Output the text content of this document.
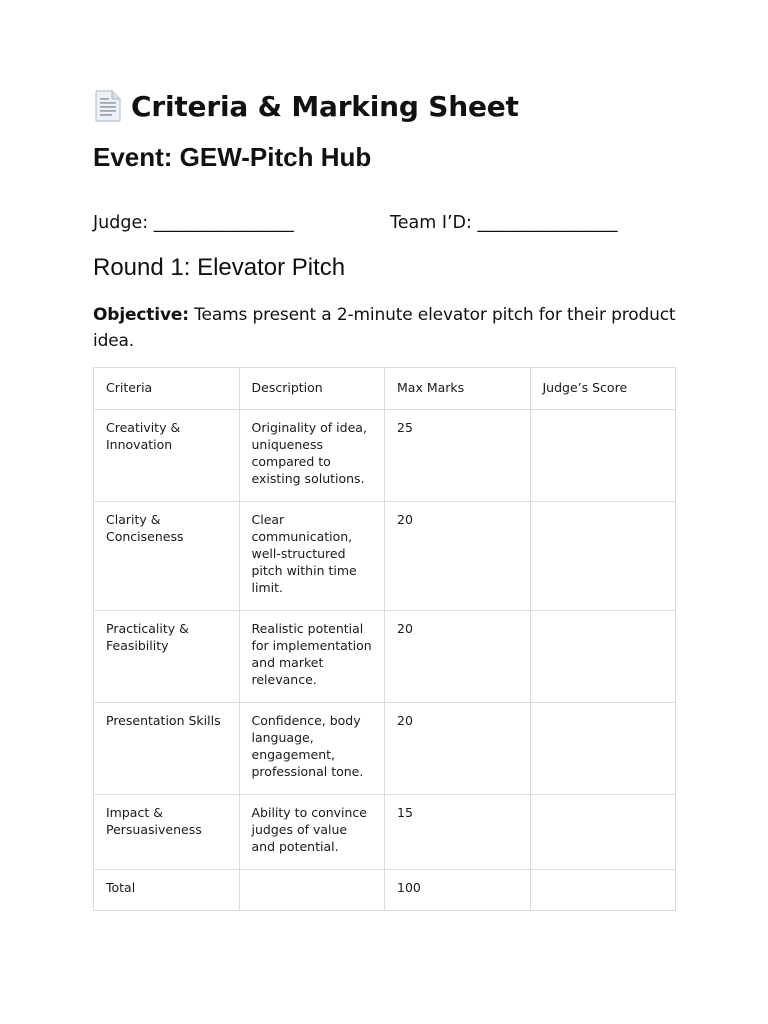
Criteria & Marking Sheet
Event: GEW-Pitch Hub
Judge: ________________	Team I’D: ________________
Round 1: Elevator Pitch
Objective: Teams present a 2-minute elevator pitch for their product idea.
Criteria	Description	Max Marks	Judge’s Score
Creativity & Innovation	Originality of idea, uniqueness compared to existing solutions.	25	
Clarity & Conciseness	Clear communication, well-structured pitch within time limit.	20	
Practicality & Feasibility	Realistic potential for implementation and market relevance.	20	
Presentation Skills	Confidence, body language, engagement, professional tone.	20	
Impact & Persuasiveness	Ability to convince judges of value and potential.	15	
Total		100	
